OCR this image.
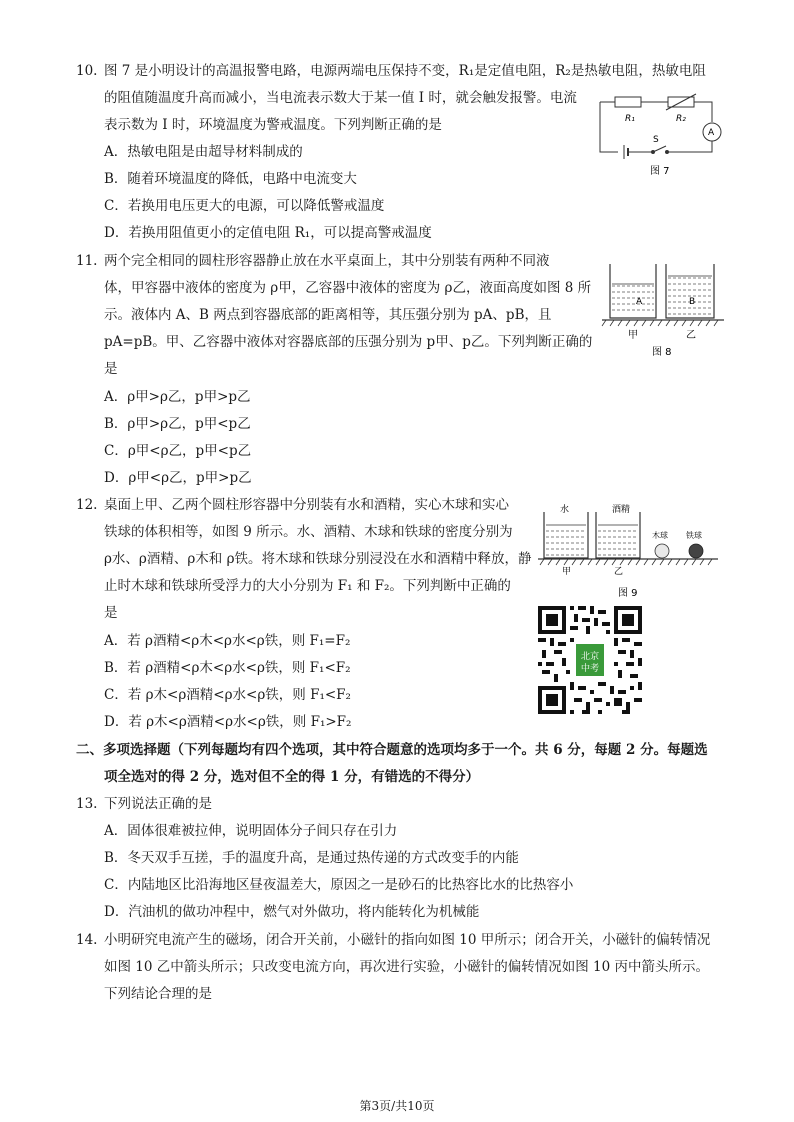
10. 图 7 是小明设计的高温报警电路，电源两端电压保持不变，R₁是定值电阻，R₂是热敏电阻，热敏电阻
的阻值随温度升高而减小，当电流表示数大于某一值 I 时，就会触发报警。电流
表示数为 I 时，环境温度为警戒温度。下列判断正确的是
A．热敏电阻是由超导材料制成的
B．随着环境温度的降低，电路中电流变大
C．若换用电压更大的电源，可以降低警戒温度
D．若换用阻值更小的定值电阻 R₁，可以提高警戒温度
R₁	R₂
A
S
图 7
11. 两个完全相同的圆柱形容器静止放在水平桌面上，其中分别装有两种不同液
体，甲容器中液体的密度为 ρ甲，乙容器中液体的密度为 ρ乙，液面高度如图 8 所
示。液体内 A、B 两点到容器底部的距离相等，其压强分别为 pA、pB，且
pA=pB。甲、乙容器中液体对容器底部的压强分别为 p甲、p乙。下列判断正确的
是
A．ρ甲>ρ乙，p甲>p乙
B．ρ甲>ρ乙，p甲<p乙
C．ρ甲<ρ乙，p甲<p乙
D．ρ甲<ρ乙，p甲>p乙
A	B
甲	乙
图 8
12. 桌面上甲、乙两个圆柱形容器中分别装有水和酒精，实心木球和实心
铁球的体积相等，如图 9 所示。水、酒精、木球和铁球的密度分别为
ρ水、ρ酒精、ρ木和 ρ铁。将木球和铁球分别浸没在水和酒精中释放，静
止时木球和铁球所受浮力的大小分别为 F₁ 和 F₂。下列判断中正确的
是
A．若 ρ酒精<ρ木<ρ水<ρ铁，则 F₁=F₂
B．若 ρ酒精<ρ木<ρ水<ρ铁，则 F₁<F₂
C．若 ρ木<ρ酒精<ρ水<ρ铁，则 F₁<F₂
D．若 ρ木<ρ酒精<ρ水<ρ铁，则 F₁>F₂
水	酒精
木球 铁球
甲	乙
图 9
北京
中考
二、多项选择题（下列每题均有四个选项，其中符合题意的选项均多于一个。共 6 分，每题 2 分。每题选
项全选对的得 2 分，选对但不全的得 1 分，有错选的不得分）
13. 下列说法正确的是
A．固体很难被拉伸，说明固体分子间只存在引力
B．冬天双手互搓，手的温度升高，是通过热传递的方式改变手的内能
C．内陆地区比沿海地区昼夜温差大，原因之一是砂石的比热容比水的比热容小
D．汽油机的做功冲程中，燃气对外做功，将内能转化为机械能
14. 小明研究电流产生的磁场，闭合开关前，小磁针的指向如图 10 甲所示；闭合开关，小磁针的偏转情况
如图 10 乙中箭头所示；只改变电流方向，再次进行实验，小磁针的偏转情况如图 10 丙中箭头所示。
下列结论合理的是
第3页/共10页
